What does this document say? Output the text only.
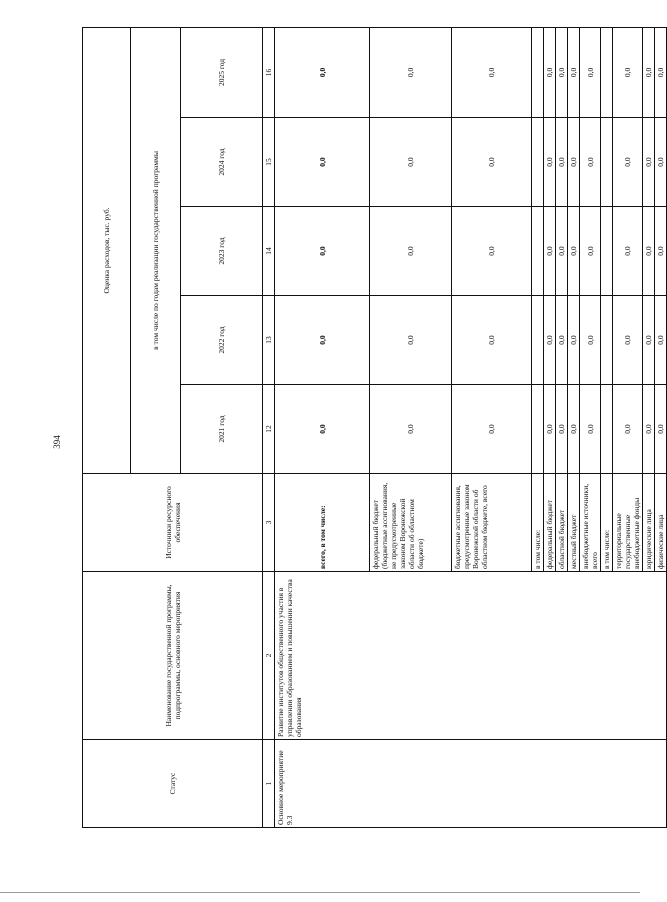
394
Статус	Наименование государственной программы, подпрограммы, основного мероприятия	Источники ресурсного обеспечения	Оценка расходов, тыс. руб.				
			в том числе по годам реализации государственной программы				
			2021 год	2022 год	2023 год	2024 год	2025 год
1	2	3	12	13	14	15	16
Основное мероприятие 9.3	Развитие институтов общественного участия в управлении образованием и повышении качества образования	всего, в том числе:	0,0	0,0	0,0	0,0	0,0
		федеральный бюджет (бюджетные ассигнования, не предусмотренные законом Воронежской области об областном бюджете)	0,0	0,0	0,0	0,0	0,0
		бюджетные ассигнования, предусмотренные законом Воронежской области об областном бюджете, всего	0,0	0,0	0,0	0,0	0,0
		в том числе:					
		федеральный бюджет	0,0	0,0	0,0	0,0	0,0
		областной бюджет	0,0	0,0	0,0	0,0	0,0
		местный бюджет	0,0	0,0	0,0	0,0	0,0
		внебюджетные источники, всего	0,0	0,0	0,0	0,0	0,0
		в том числе:					
		территориальные государственные внебюджетные фонды	0,0	0,0	0,0	0,0	0,0
		юридические лица	0,0	0,0	0,0	0,0	0,0
		физические лица	0,0	0,0	0,0	0,0	0,0
